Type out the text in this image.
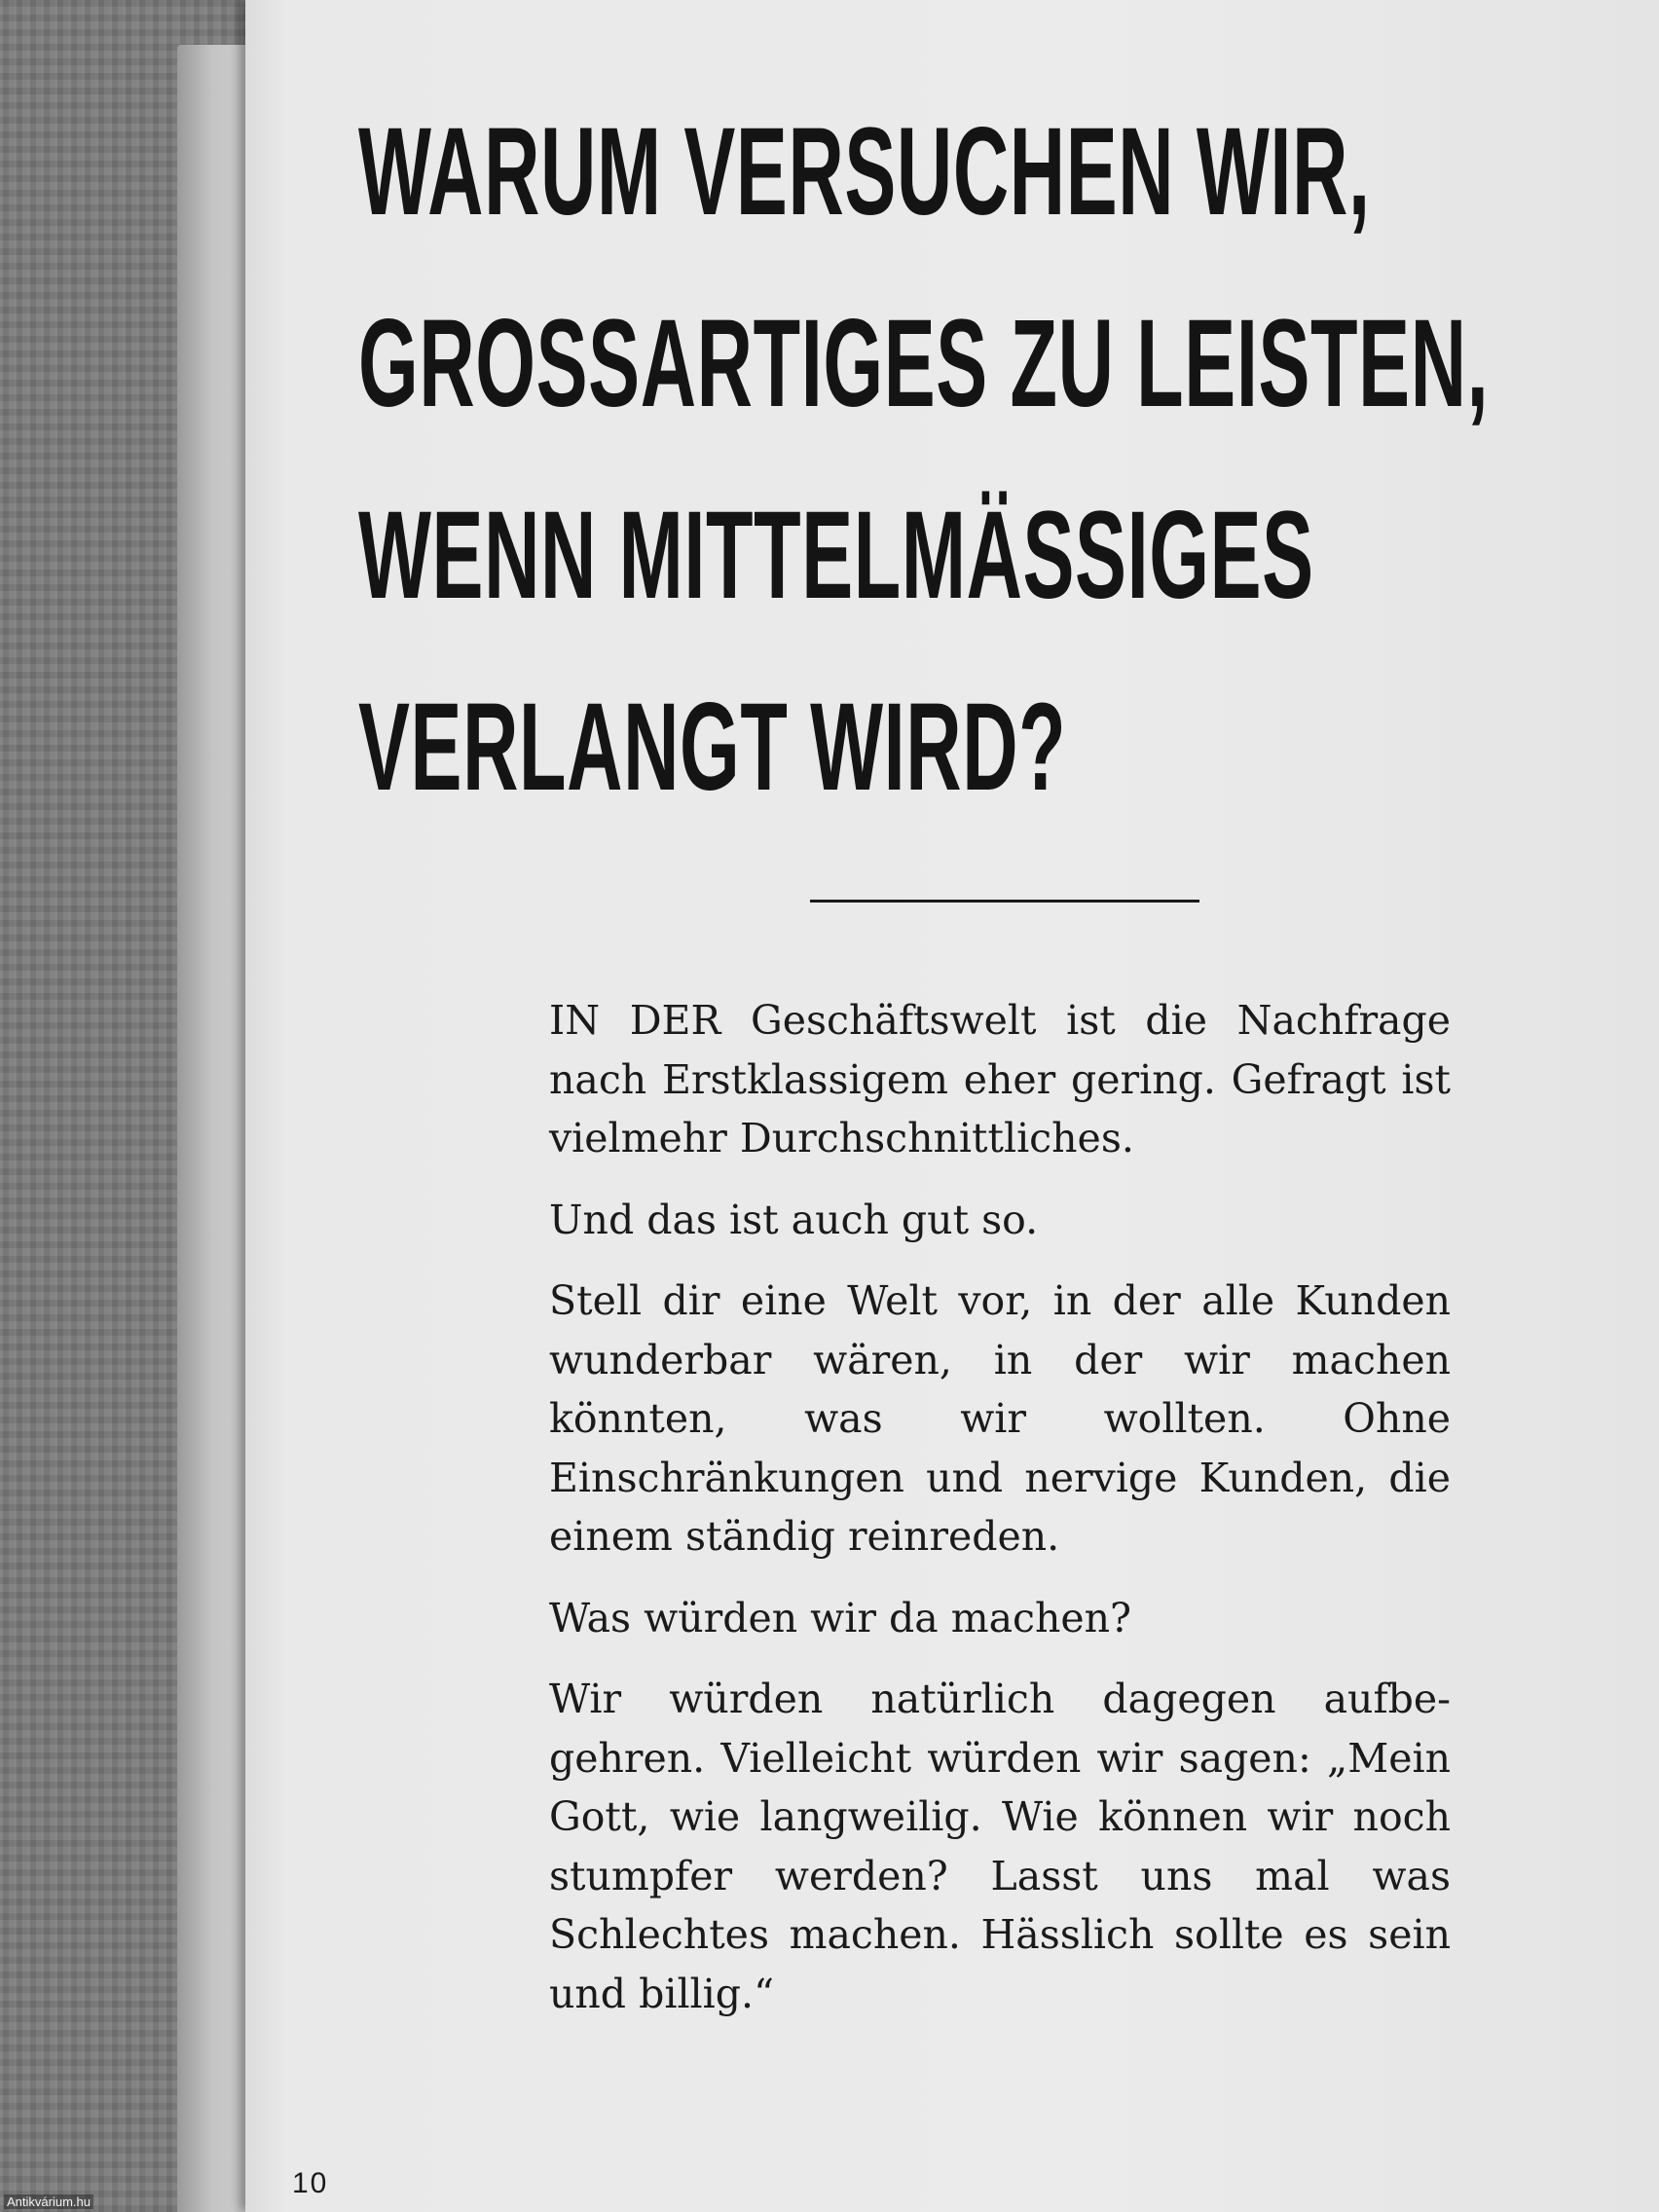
WARUM VERSUCHEN WIR,
GROSSARTIGES ZU LEISTEN,
WENN MITTELMÄSSIGES
VERLANGT WIRD?

IN DER Geschäftswelt ist die Nachfrage nach Erstklassigem eher gering. Gefragt ist vielmehr Durchschnittliches.

Und das ist auch gut so.

Stell dir eine Welt vor, in der alle Kunden wunderbar wären, in der wir machen könnten, was wir wollten. Ohne Einschränkungen und nervige Kunden, die einem ständig reinreden.

Was würden wir da machen?

Wir würden natürlich dagegen aufbegehren. Vielleicht würden wir sagen: „Mein Gott, wie langweilig. Wie können wir noch stumpfer werden? Lasst uns mal was Schlechtes machen. Hässlich sollte es sein und billig.“

10
Antikvárium.hu
